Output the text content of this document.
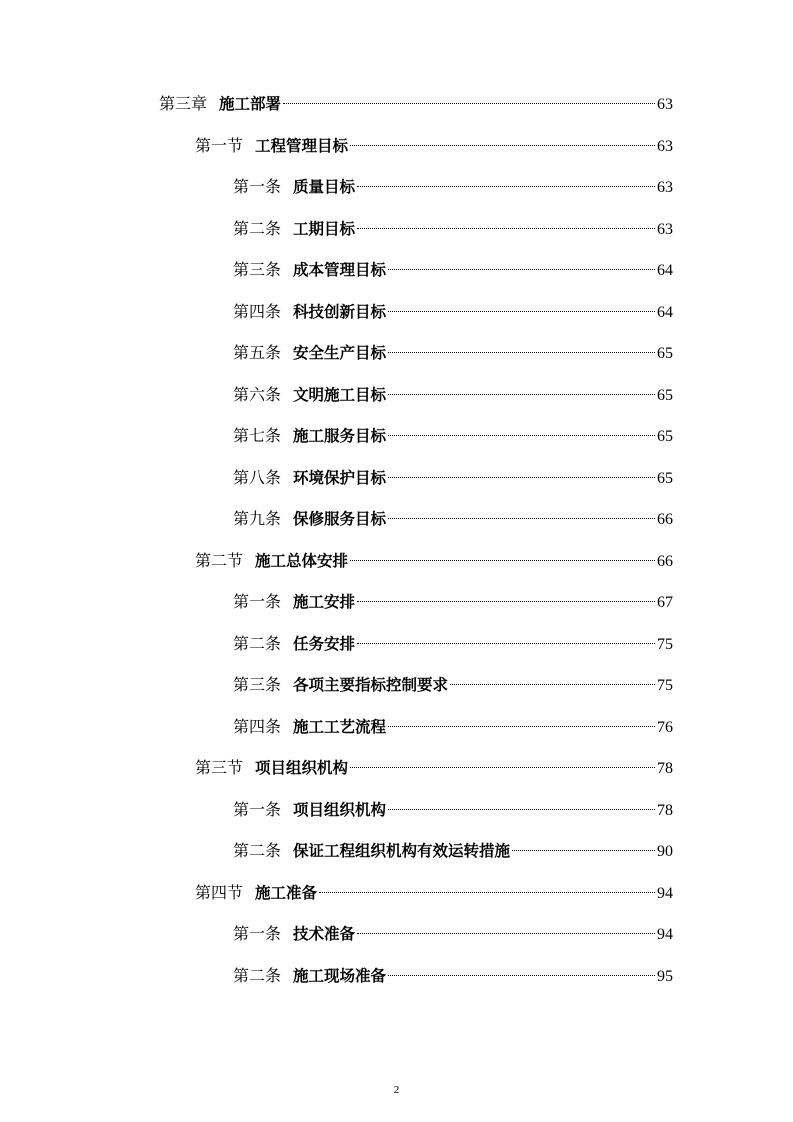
第三章 施工部署	63
第一节 工程管理目标	63
第一条 质量目标	63
第二条 工期目标	63
第三条 成本管理目标	64
第四条 科技创新目标	64
第五条 安全生产目标	65
第六条 文明施工目标	65
第七条 施工服务目标	65
第八条 环境保护目标	65
第九条 保修服务目标	66
第二节 施工总体安排	66
第一条 施工安排	67
第二条 任务安排	75
第三条 各项主要指标控制要求	75
第四条 施工工艺流程	76
第三节 项目组织机构	78
第一条 项目组织机构	78
第二条 保证工程组织机构有效运转措施	90
第四节 施工准备	94
第一条 技术准备	94
第二条 施工现场准备	95
2
